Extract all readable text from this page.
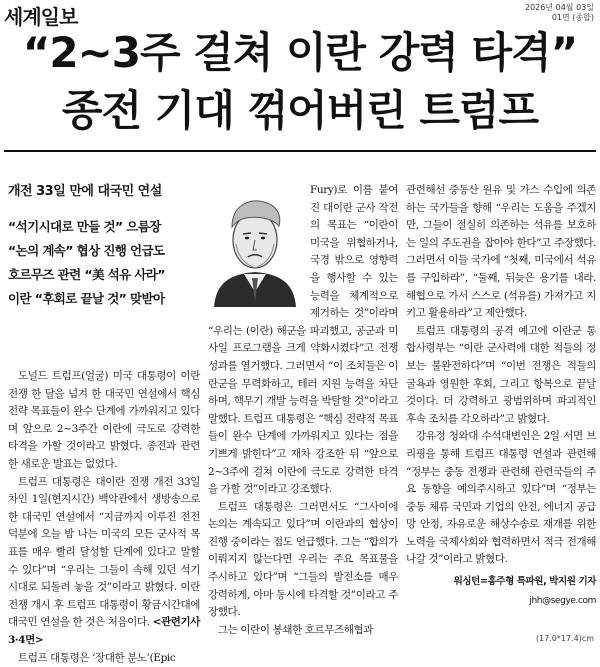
세계일보	2026년 04월 03일
01면 (종합)
“2~3주 걸쳐 이란 강력 타격”
종전 기대 꺾어버린 트럼프
개전 33일 만에 대국민 연설
“석기시대로 만들 것” 으름장
“논의 계속” 협상 진행 언급도
호르무즈 관련 “美 석유 사라”
이란 “후회로 끝날 것” 맞받아

도널드 트럼프(얼굴) 미국 대통령이 이란 전쟁 한 달을 넘겨 한 대국민 연설에서 핵심 전략 목표들이 완수 단계에 가까워지고 있다며 앞으로 2~3주간 이란에 극도로 강력한 타격을 가할 것이라고 밝혔다. 종전과 관련한 새로운 발표는 없었다.

트럼프 대통령은 대이란 전쟁 개전 33일차인 1일(현지시간) 백악관에서 생방송으로 한 대국민 연설에서 “지금까지 이루진 전전 덕분에 오늘 밤 나는 미국의 모든 군사적 목표를 매우 빨리 달성할 단계에 있다고 말할 수 있다”며 “우리는 그들이 속해 있던 석기시대로 되돌려 놓을 것”이라고 밝혔다. 이란 전쟁 개시 후 트럼프 대통령이 황금시간대에 대국민 연설을 한 것은 처음이다. <관련기사 3·4면>

트럼프 대통령은 ‘장대한 분노’(Epic

Fury)로 이름 붙여진 대이란 군사 작전의 목표는 “이란이 미국을 위협하거나, 국경 밖으로 영향력을 행사할 수 있는 능력을 체계적으로 제거하는 것”이라며 “우리는 (이란) 해군을 파괴했고, 공군과 미사일 프로그램을 크게 약화시켰다”고 전쟁 성과를 열거했다. 그러면서 “이 조치들은 이란군을 무력화하고, 테러 지원 능력을 차단하며, 핵무기 개발 능력을 박탈할 것”이라고 말했다. 트럼프 대통령은 “핵심 전략적 목표들이 완수 단계에 가까워지고 있다는 점을 기쁘게 밝힌다”고 재차 강조한 뒤 “앞으로 2~3주에 걸쳐 이란에 극도로 강력한 타격을 가할 것”이라고 강조했다.

트럼프 대통령은 그러면서도 “그사이에 논의는 계속되고 있다”며 이란과의 협상이 진행 중이라는 점도 언급했다. 그는 “합의가 이뤄지지 않는다면 우리는 주요 목표물을 주시하고 있다”며 “그들의 발전소를 매우 강력하게, 아마 동시에 타격할 것”이라고 주장했다.

그는 이란이 봉쇄한 호르무즈해협과

관련해선 중동산 원유 및 가스 수입에 의존하는 국가들을 향해 “우리는 도움을 주겠지만, 그들이 절실히 의존하는 석유를 보호하는 일의 주도권을 잡아야 한다”고 주장했다. 그러면서 이들 국가에 “첫째, 미국에서 석유를 구입하라”, “둘째, 뒤늦은 용기를 내라. 해협으로 가서 스스로 (석유를) 가져가고 지키고 활용하라”고 제안했다.

트럼프 대통령의 공격 예고에 이란군 통합사령부는 “이란 군사력에 대한 적들의 정보는 불완전하다”며 “이번 전쟁은 적들의 굴욕과 영원한 후회, 그리고 항복으로 끝날 것이다. 더 강력하고 광범위하며 파괴적인 후속 조치를 각오하라”고 밝혔다.

강유정 청와대 수석대변인은 2일 서면 브리핑을 통해 트럼프 대통령 연설과 관련해 “정부는 중동 전쟁과 관련해 관련국들의 주요 동향을 예의주시하고 있다”며 “정부는 중동 체류 국민과 기업의 안전, 에너지 공급망 안정, 자유로운 해상수송로 재개를 위한 노력을 국제사회와 협력하면서 적극 전개해 나갈 것”이라고 밝혔다.

워싱턴=홍주형 특파원, 박지원 기자
jhh@segye.com
(17.0*17.4)cm
